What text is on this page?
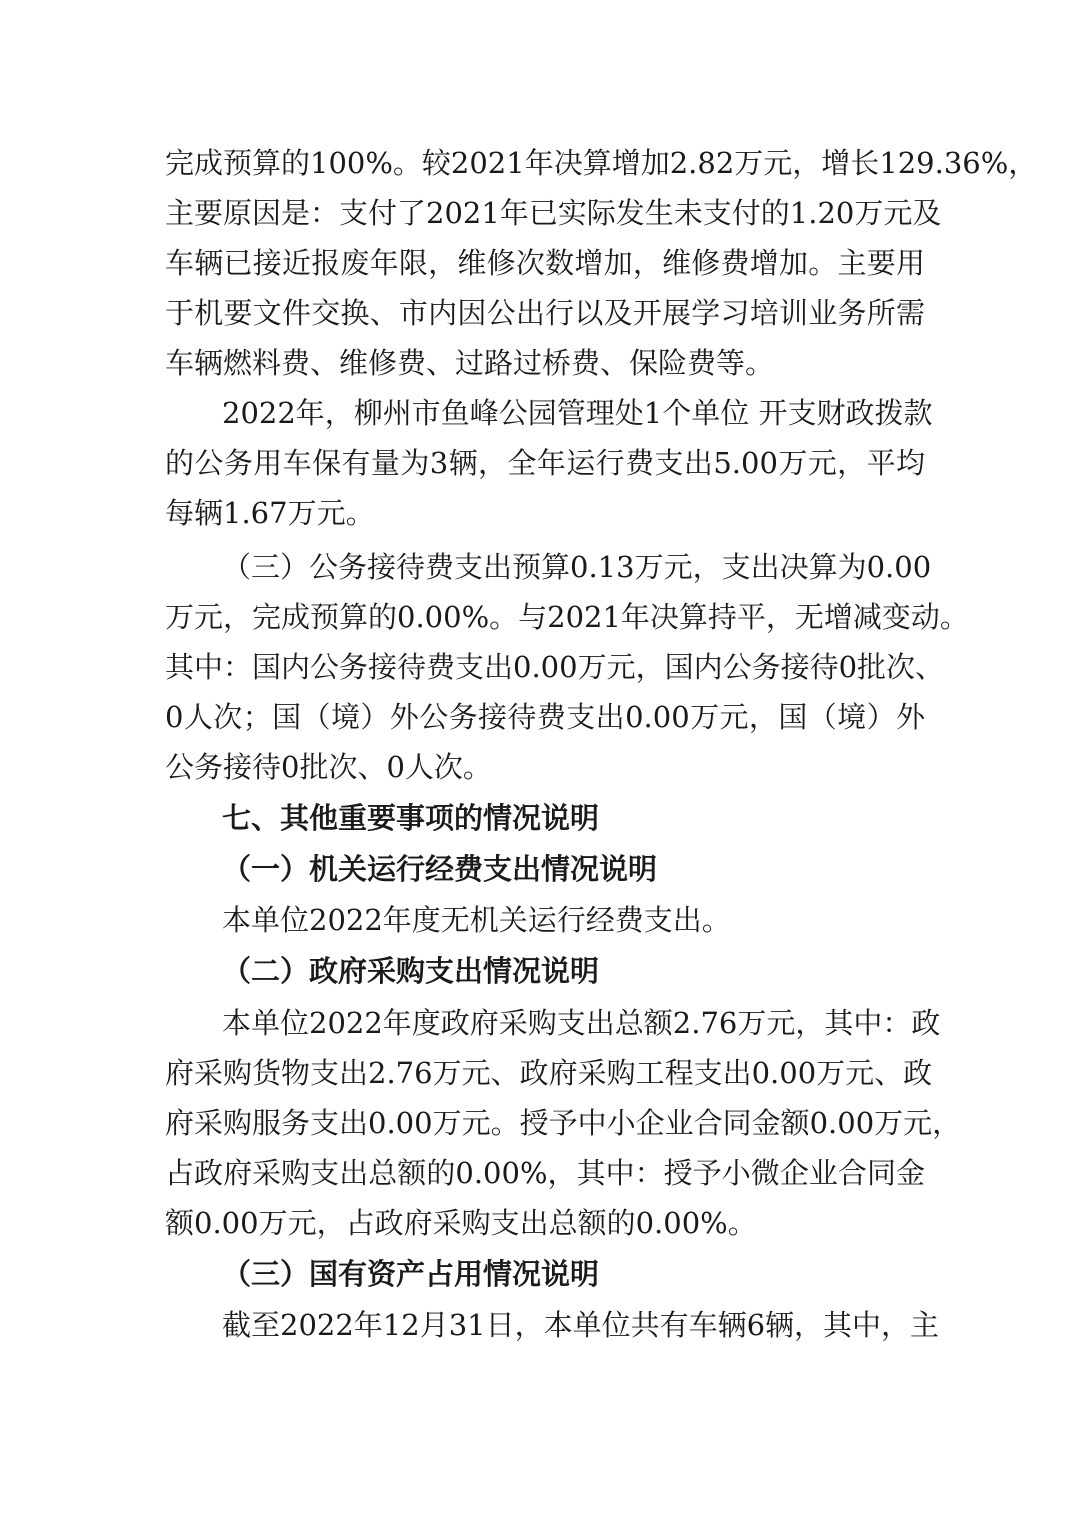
完成预算的100%。较2021年决算增加2.82万元，增长129.36%，
主要原因是：支付了2021年已实际发生未支付的1.20万元及
车辆已接近报废年限，维修次数增加，维修费增加。主要用
于机要文件交换、市内因公出行以及开展学习培训业务所需
车辆燃料费、维修费、过路过桥费、保险费等。
2022年，柳州市鱼峰公园管理处1个单位 开支财政拨款
的公务用车保有量为3辆，全年运行费支出5.00万元，平均
每辆1.67万元。
（三）公务接待费支出预算0.13万元，支出决算为0.00
万元，完成预算的0.00%。与2021年决算持平，无增减变动。
其中：国内公务接待费支出0.00万元，国内公务接待0批次、
0人次；国（境）外公务接待费支出0.00万元，国（境）外
公务接待0批次、0人次。
七、其他重要事项的情况说明
（一）机关运行经费支出情况说明
本单位2022年度无机关运行经费支出。
（二）政府采购支出情况说明
本单位2022年度政府采购支出总额2.76万元，其中：政
府采购货物支出2.76万元、政府采购工程支出0.00万元、政
府采购服务支出0.00万元。授予中小企业合同金额0.00万元，
占政府采购支出总额的0.00%，其中：授予小微企业合同金
额0.00万元，占政府采购支出总额的0.00%。
（三）国有资产占用情况说明
截至2022年12月31日，本单位共有车辆6辆，其中，主
